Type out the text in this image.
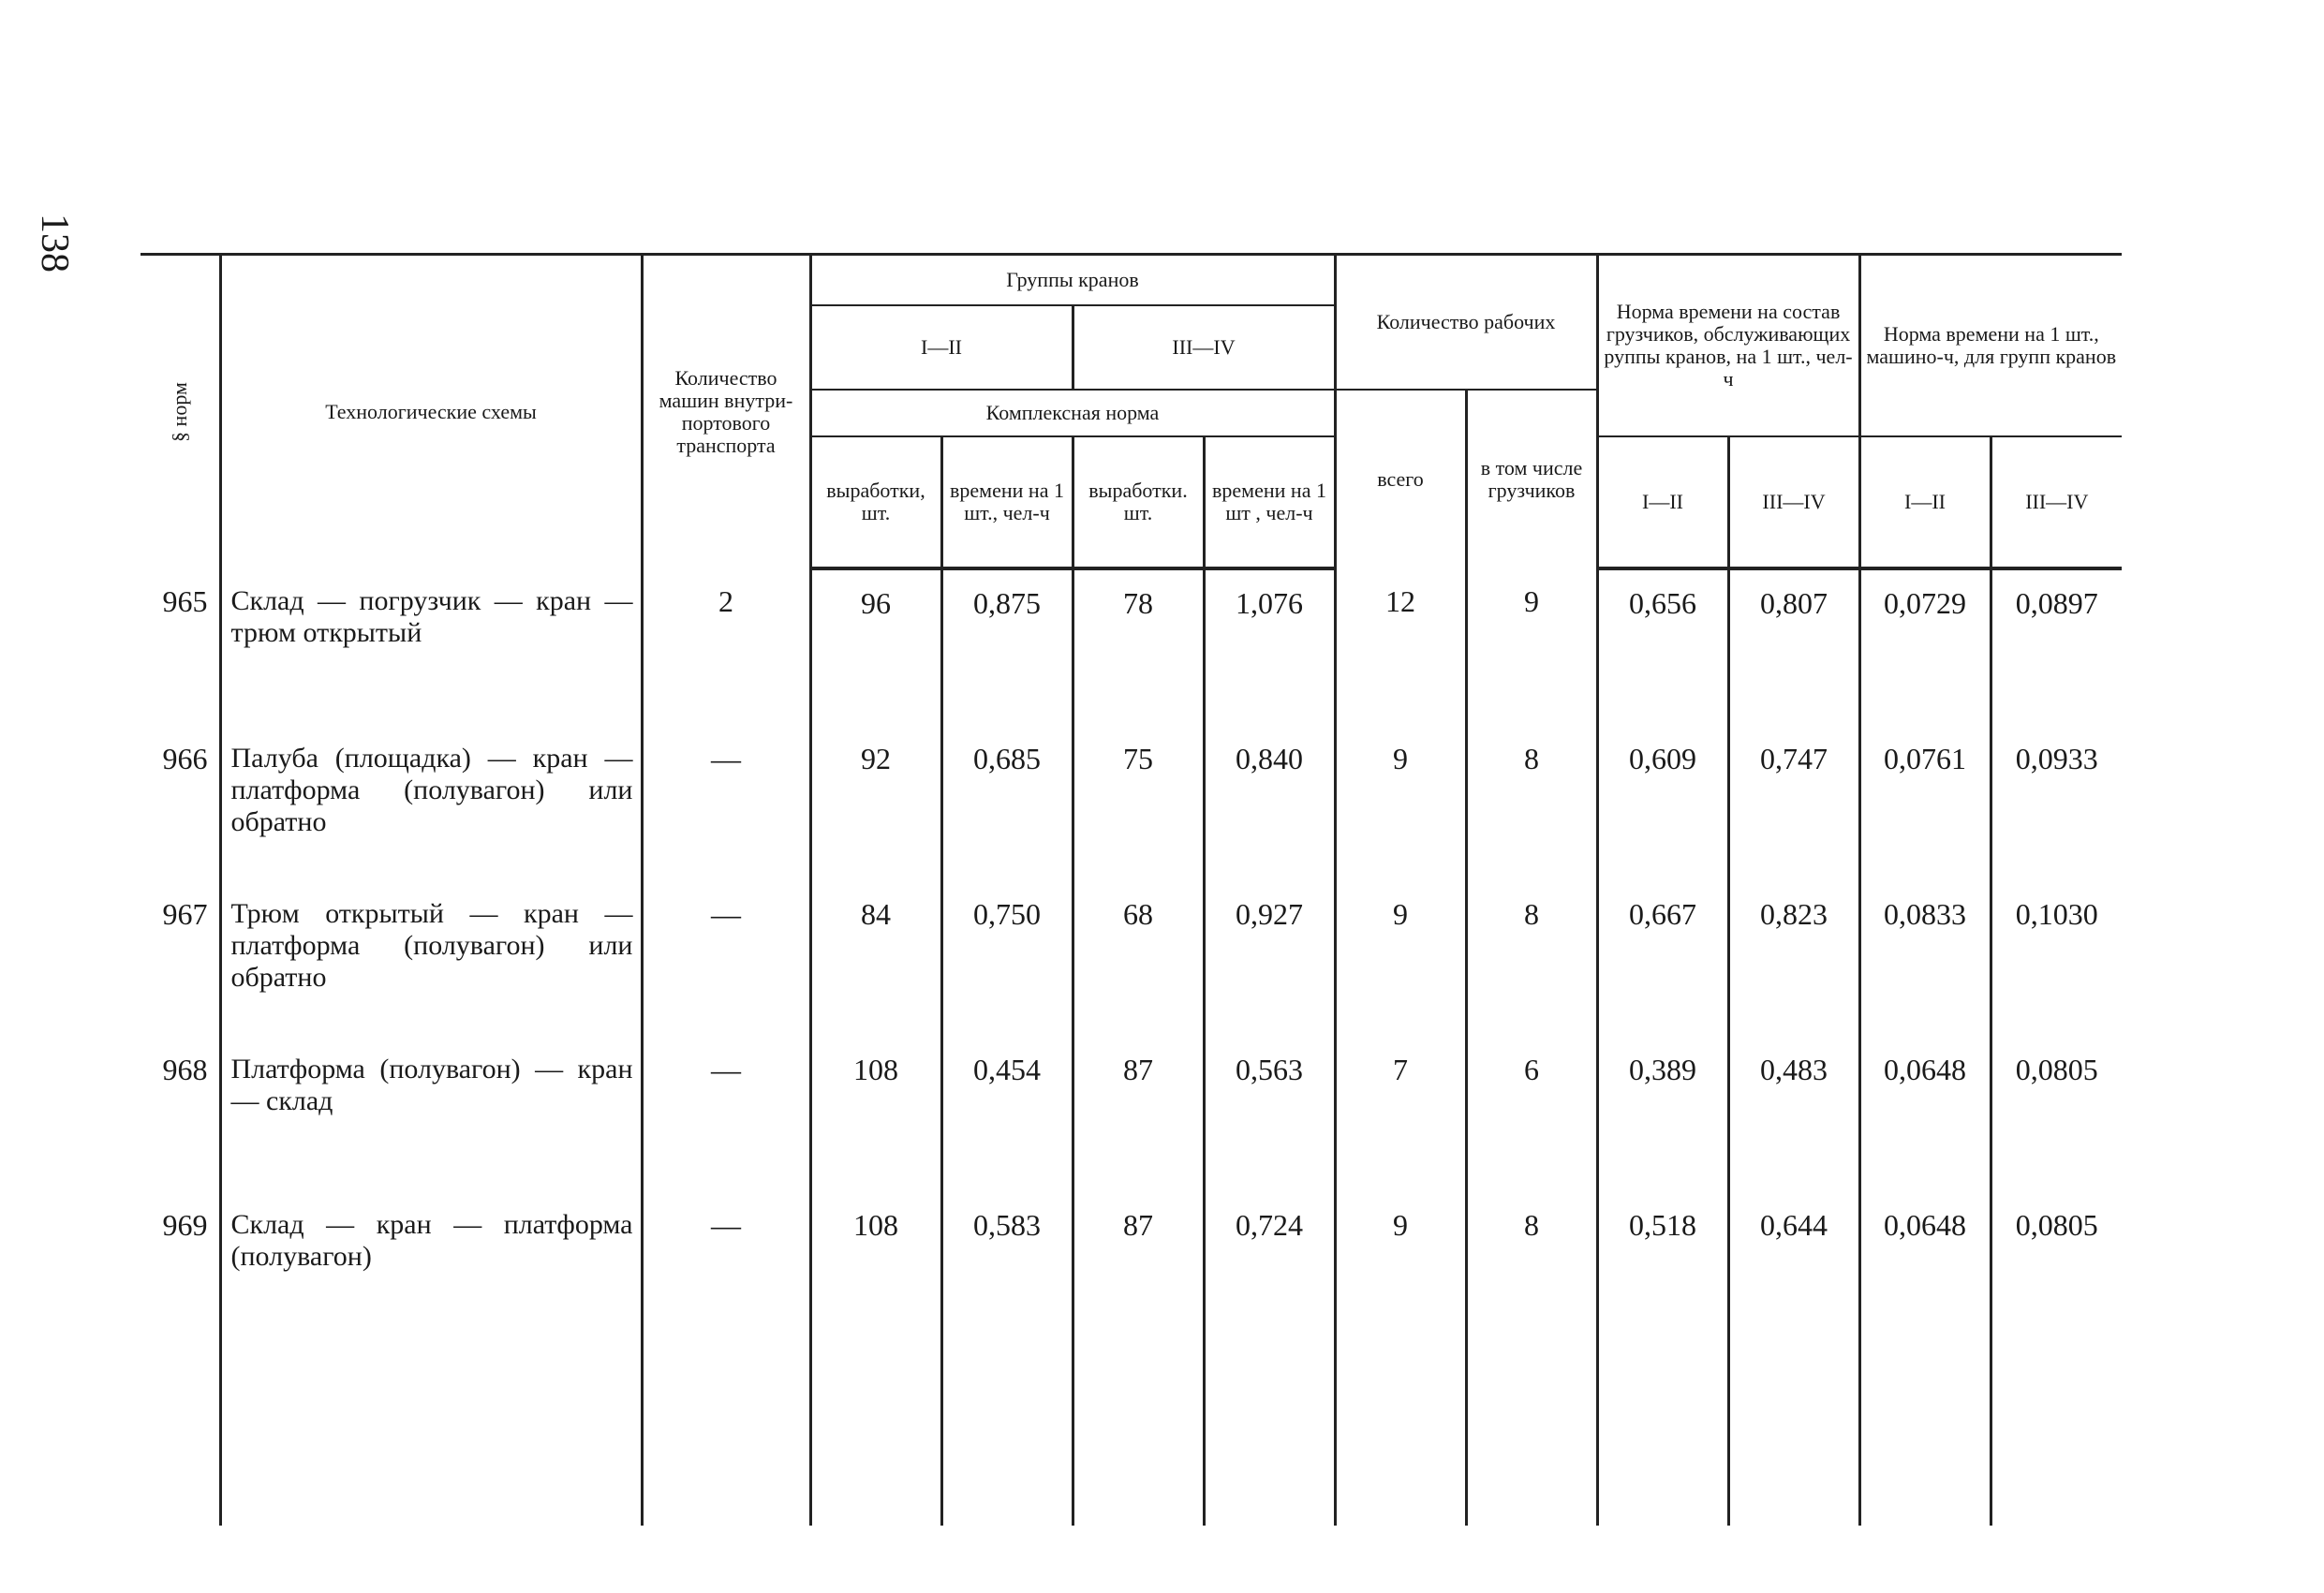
138
§ норм	Технологические схемы	Количество машин внутри-портового транспорта	Группы кранов				Количество рабочих		Норма времени на состав грузчиков, обслуживающих руппы кранов, на 1 шт., чел-ч		Норма времени на 1 шт., машино-ч, для групп кранов	
			I—II		III—IV							
			Комплексная норма				всего	в том числе грузчиков				
			выработки, шт.	времени на 1 шт., чел-ч	выработки. шт.	времени на 1 шт , чел-ч			I—II	III—IV	I—II	III—IV
965	Склад — погрузчик — кран — трюм открытый	2	96	0,875	78	1,076	12	9	0,656	0,807	0,0729	0,0897
966	Палуба (площадка) — кран — платформа (полувагон) или обратно	—	92	0,685	75	0,840	9	8	0,609	0,747	0,0761	0,0933
967	Трюм открытый — кран — платформа (полувагон) или обратно	—	84	0,750	68	0,927	9	8	0,667	0,823	0,0833	0,1030
968	Платформа (полувагон) — кран — склад	—	108	0,454	87	0,563	7	6	0,389	0,483	0,0648	0,0805
969	Склад — кран — платформа (полувагон)	—	108	0,583	87	0,724	9	8	0,518	0,644	0,0648	0,0805
